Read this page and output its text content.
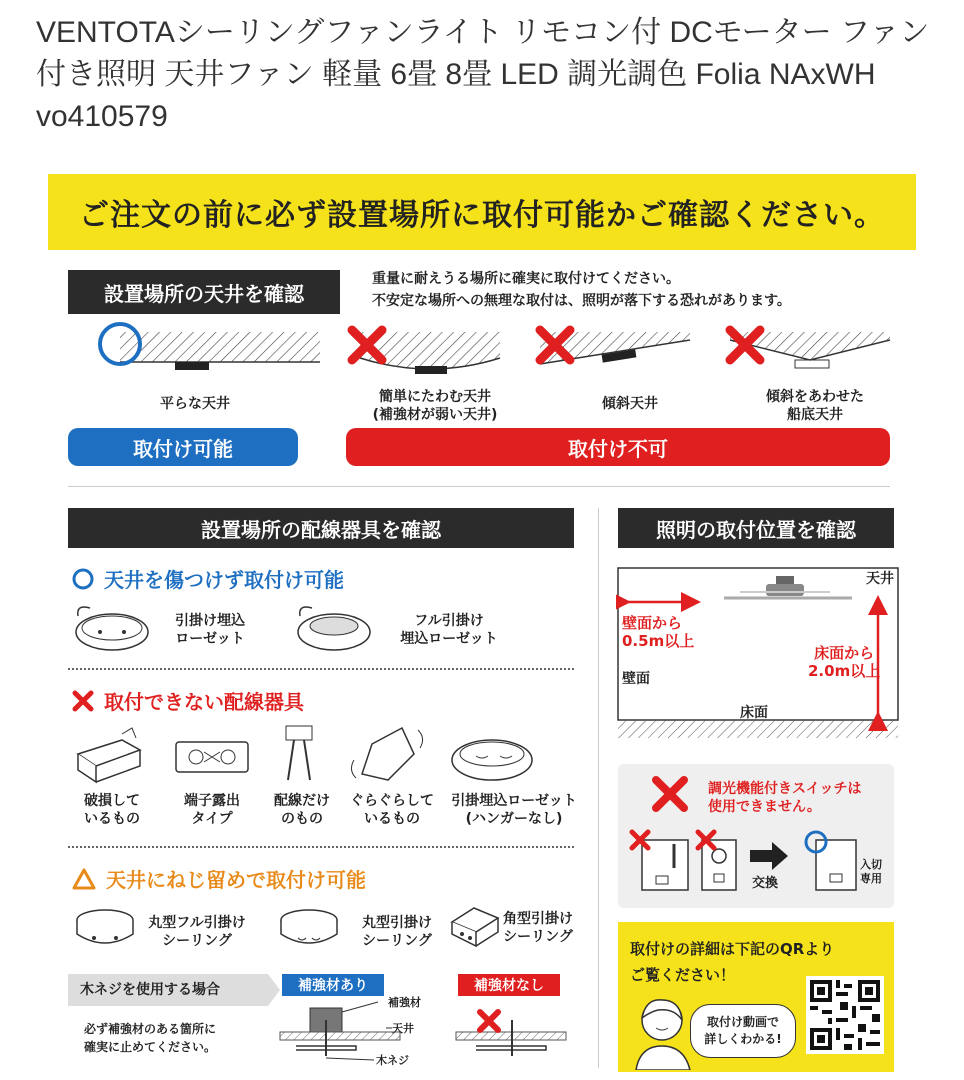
VENTOTAシーリングファンライト リモコン付 DCモーター ファン付き照明 天井ファン 軽量 6畳 8畳 LED 調光調色 Folia NAxWH vo410579
ご注文の前に必ず設置場所に取付可能かご確認ください。
設置場所の天井を確認
重量に耐えうる場所に確実に取付けてください。
不安定な場所への無理な取付は、照明が落下する恐れがあります。
平らな天井	簡単にたわむ天井
(補強材が弱い天井)
傾斜天井	傾斜をあわせた
船底天井
取付け可能	取付け不可
設置場所の配線器具を確認
天井を傷つけず取付け可能
引掛け埋込
ローゼット
フル引掛け
埋込ローゼット
取付できない配線器具
破損して
いるもの
端子露出
タイプ
配線だけ
のもの
ぐらぐらして
いるもの
引掛埋込ローゼット
(ハンガーなし)
天井にねじ留めで取付け可能
丸型フル引掛け
シーリング
丸型引掛け
シーリング
角型引掛け
シーリング
木ネジを使用する場合
必ず補強材のある箇所に
確実に止めてください。
補強材あり	補強材なし
補強材
天井
木ネジ
照明の取付位置を確認
天井
壁面から
0.5m以上
壁面
床面から
2.0m以上
床面
調光機能付きスイッチは
使用できません。
交換
入切
専用
取付けの詳細は下記のQRより
ご覧ください！
取付け動画で
詳しくわかる!
